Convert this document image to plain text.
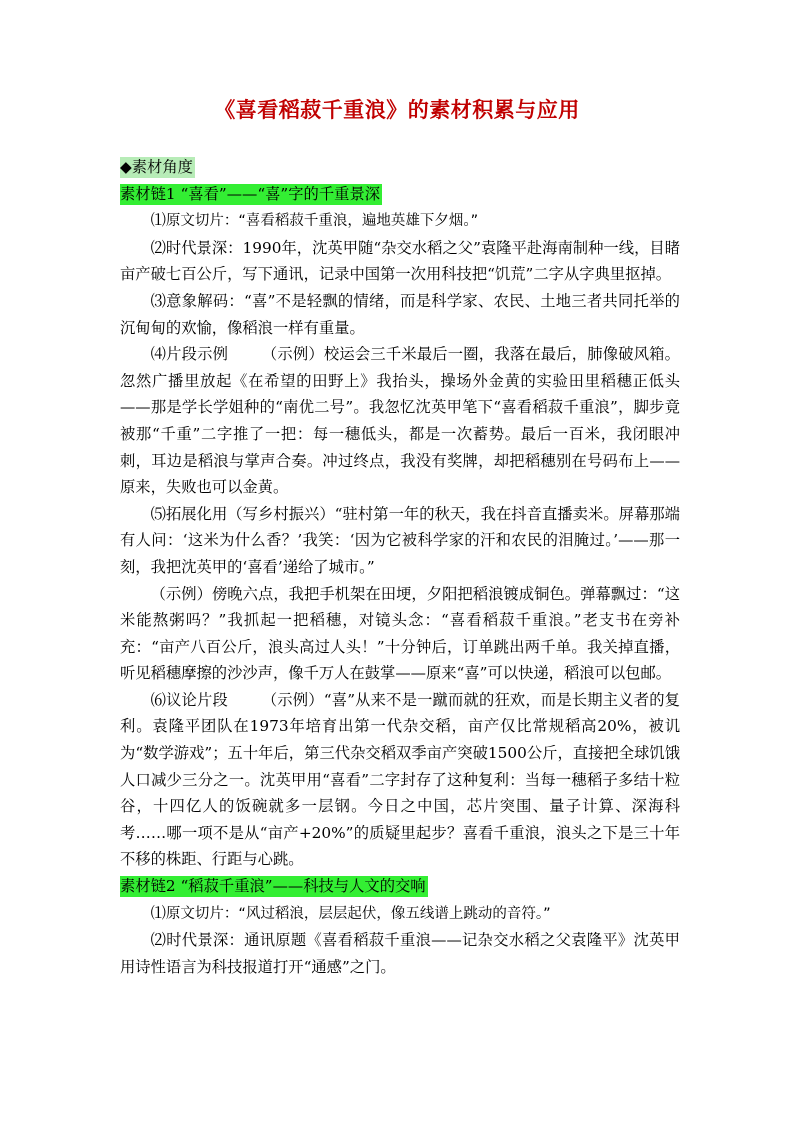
《喜看稻菽千重浪》的素材积累与应用

◆素材角度

素材链1 “喜看”——“喜”字的千重景深

⑴原文切片：“喜看稻菽千重浪，遍地英雄下夕烟。”

⑵时代景深：1990年，沈英甲随“杂交水稻之父”袁隆平赴海南制种一线，目睹亩产破七百公斤，写下通讯，记录中国第一次用科技把“饥荒”二字从字典里抠掉。

⑶意象解码：“喜”不是轻飘的情绪，而是科学家、农民、土地三者共同托举的沉甸甸的欢愉，像稻浪一样有重量。

⑷片段示例 （示例）校运会三千米最后一圈，我落在最后，肺像破风箱。忽然广播里放起《在希望的田野上》我抬头，操场外金黄的实验田里稻穗正低头——那是学长学姐种的“南优二号”。我忽忆沈英甲笔下“喜看稻菽千重浪”，脚步竟被那“千重”二字推了一把：每一穗低头，都是一次蓄势。最后一百米，我闭眼冲刺，耳边是稻浪与掌声合奏。冲过终点，我没有奖牌，却把稻穗别在号码布上——原来，失败也可以金黄。

⑸拓展化用（写乡村振兴）“驻村第一年的秋天，我在抖音直播卖米。屏幕那端有人问：‘这米为什么香？’我笑：‘因为它被科学家的汗和农民的泪腌过。’——那一刻，我把沈英甲的‘喜看’递给了城市。”

（示例）傍晚六点，我把手机架在田埂，夕阳把稻浪镀成铜色。弹幕飘过：“这米能熬粥吗？”我抓起一把稻穗，对镜头念：“喜看稻菽千重浪。”老支书在旁补充：“亩产八百公斤，浪头高过人头！”十分钟后，订单跳出两千单。我关掉直播，听见稻穗摩擦的沙沙声，像千万人在鼓掌——原来“喜”可以快递，稻浪可以包邮。

⑹议论片段 （示例）“喜”从来不是一蹴而就的狂欢，而是长期主义者的复利。袁隆平团队在1973年培育出第一代杂交稻，亩产仅比常规稻高20%，被讥为“数学游戏”；五十年后，第三代杂交稻双季亩产突破1500公斤，直接把全球饥饿人口减少三分之一。沈英甲用“喜看”二字封存了这种复利：当每一穗稻子多结十粒谷，十四亿人的饭碗就多一层钢。今日之中国，芯片突围、量子计算、深海科考……哪一项不是从“亩产+20%”的质疑里起步？喜看千重浪，浪头之下是三十年不移的株距、行距与心跳。

素材链2 “稻菽千重浪”——科技与人文的交响

⑴原文切片：“风过稻浪，层层起伏，像五线谱上跳动的音符。”

⑵时代景深：通讯原题《喜看稻菽千重浪——记杂交水稻之父袁隆平》沈英甲用诗性语言为科技报道打开“通感”之门。
